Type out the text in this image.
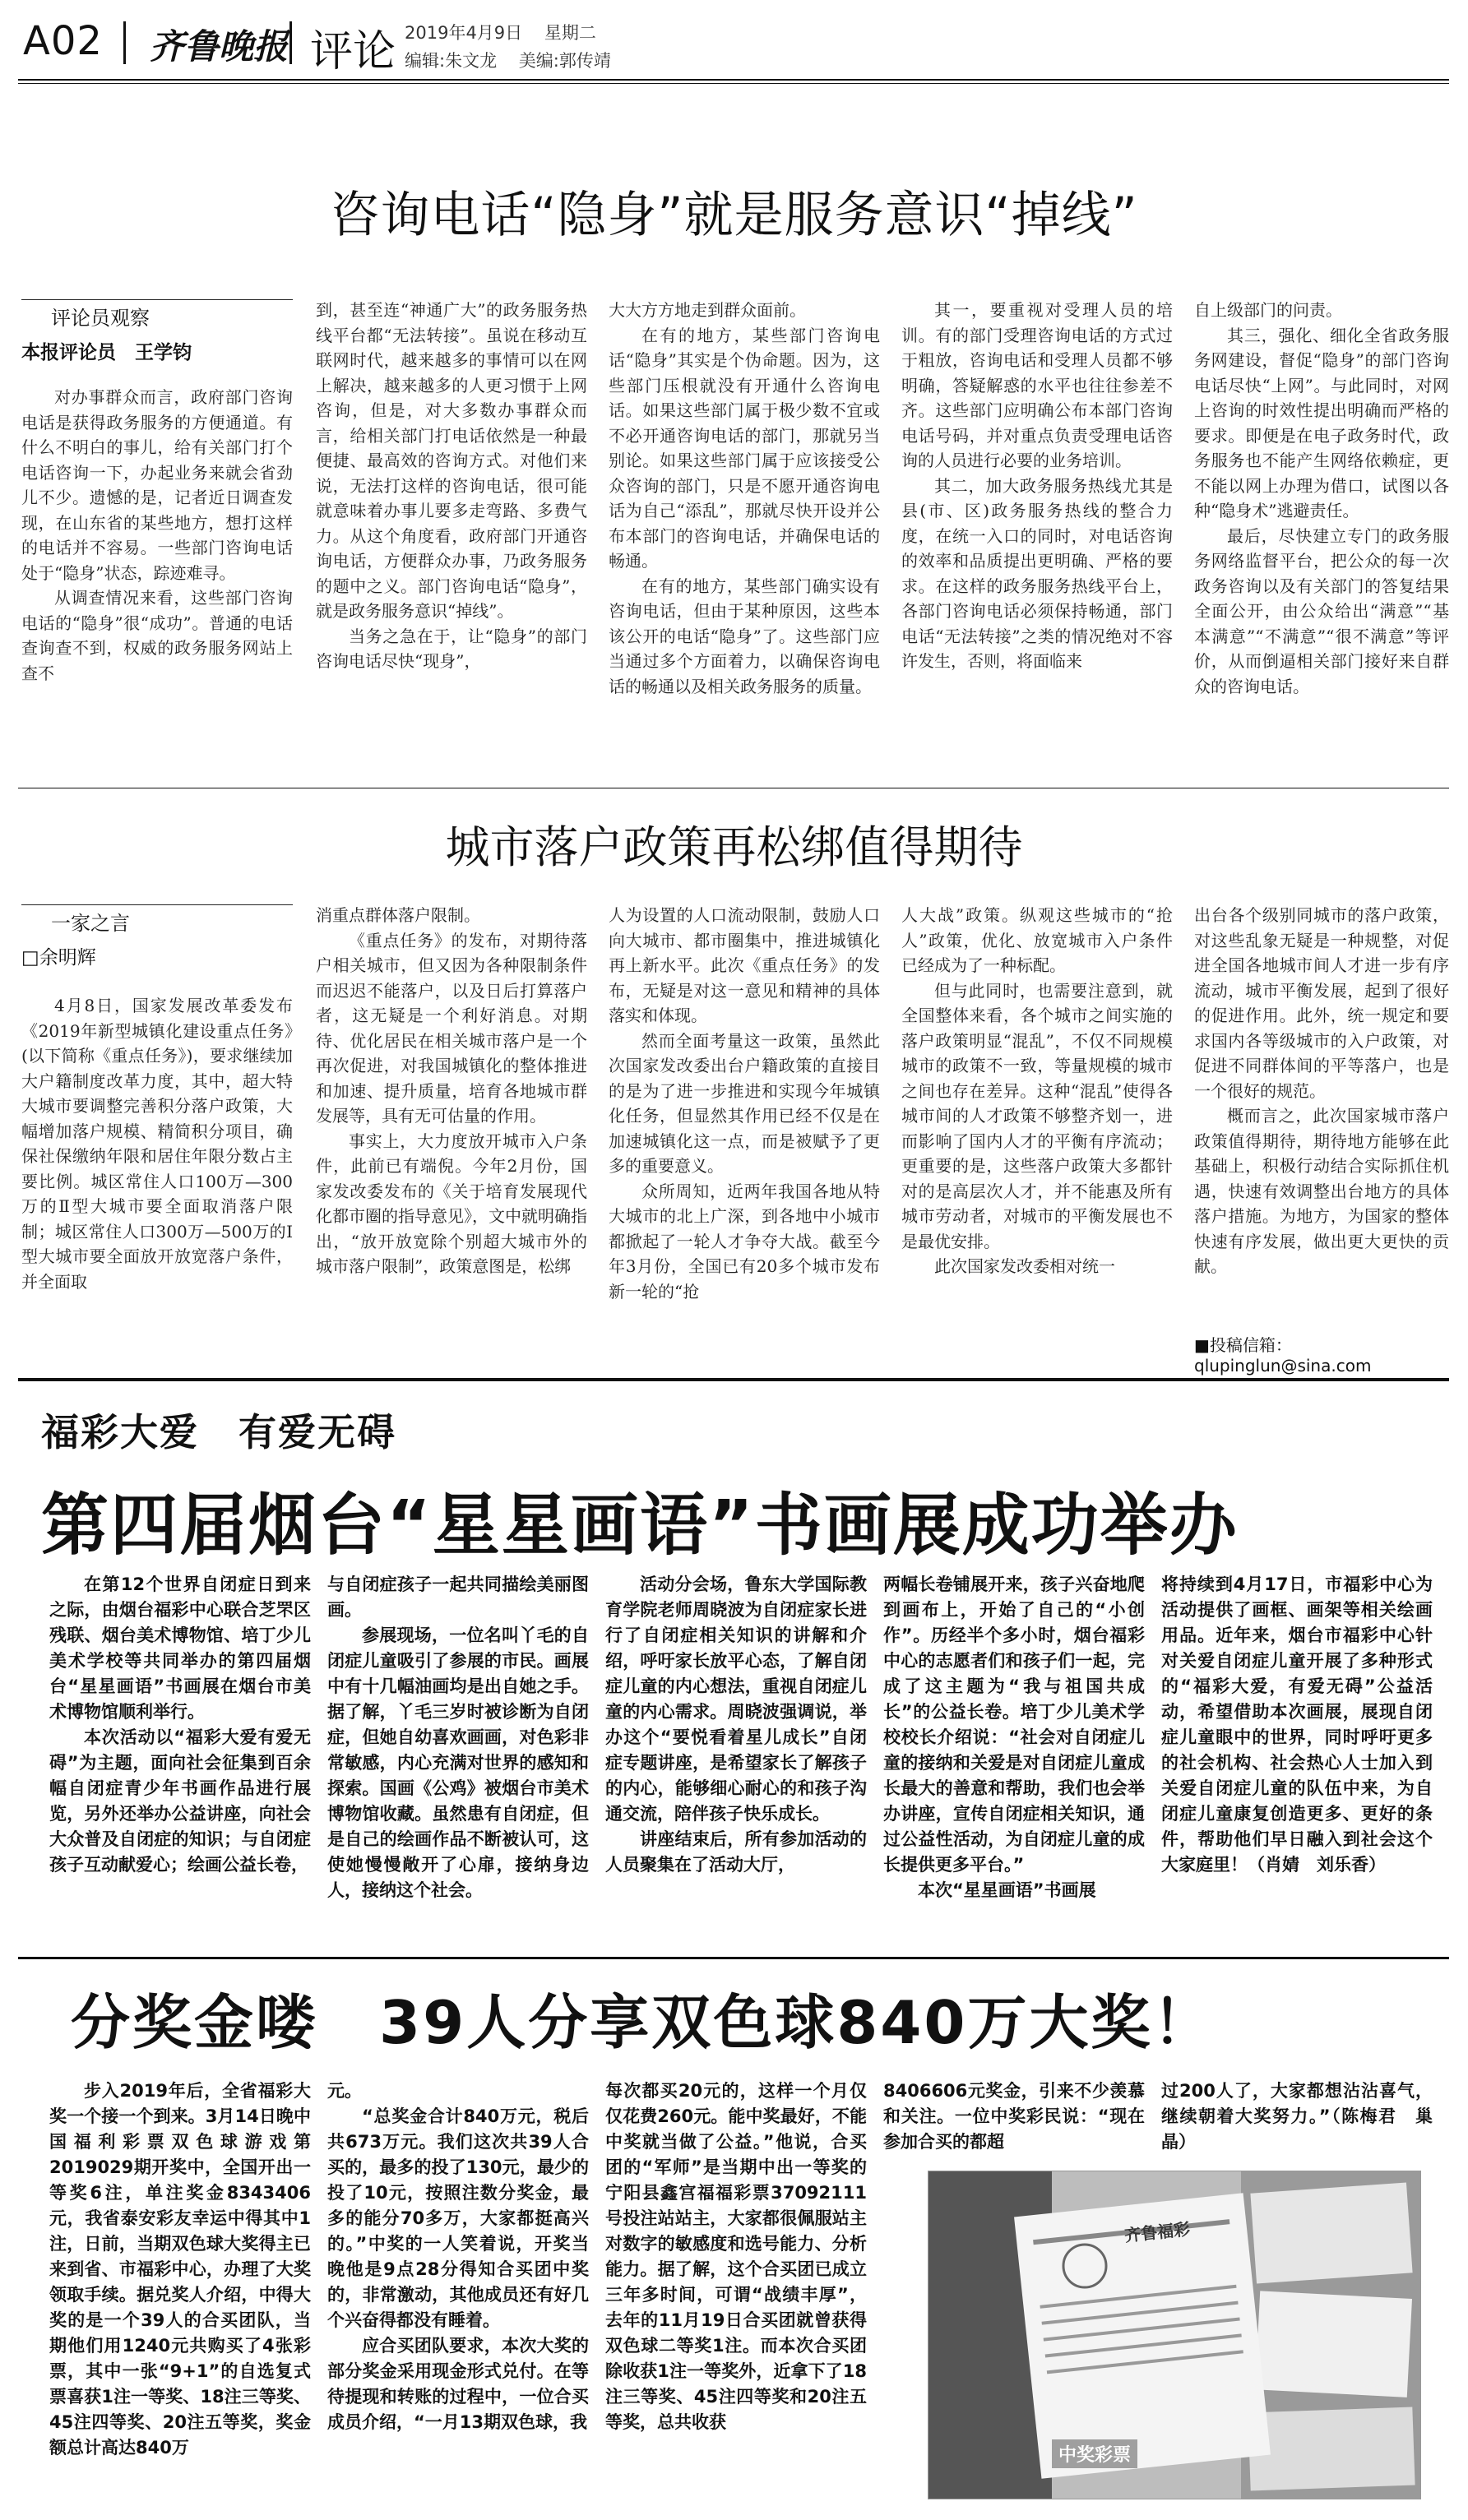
A02 齐鲁晚报 评论 2019年4月9日 星期二
编辑:朱文龙 美编:郭传靖
咨询电话“隐身”就是服务意识“掉线”
评论员观察
本报评论员　王学钧

对办事群众而言，政府部门咨询电话是获得政务服务的方便通道。有什么不明白的事儿，给有关部门打个电话咨询一下，办起业务来就会省劲儿不少。遗憾的是，记者近日调查发现，在山东省的某些地方，想打这样的电话并不容易。一些部门咨询电话处于“隐身”状态，踪迹难寻。

从调查情况来看，这些部门咨询电话的“隐身”很“成功”。普通的电话查询查不到，权威的政务服务网站上查不

到，甚至连“神通广大”的政务服务热线平台都“无法转接”。虽说在移动互联网时代，越来越多的事情可以在网上解决，越来越多的人更习惯于上网咨询，但是，对大多数办事群众而言，给相关部门打电话依然是一种最便捷、最高效的咨询方式。对他们来说，无法打这样的咨询电话，很可能就意味着办事儿要多走弯路、多费气力。从这个角度看，政府部门开通咨询电话，方便群众办事，乃政务服务的题中之义。部门咨询电话“隐身”，就是政务服务意识“掉线”。

当务之急在于，让“隐身”的部门咨询电话尽快“现身”，

大大方方地走到群众面前。

在有的地方，某些部门咨询电话“隐身”其实是个伪命题。因为，这些部门压根就没有开通什么咨询电话。如果这些部门属于极少数不宜或不必开通咨询电话的部门，那就另当别论。如果这些部门属于应该接受公众咨询的部门，只是不愿开通咨询电话为自己“添乱”，那就尽快开设并公布本部门的咨询电话，并确保电话的畅通。

在有的地方，某些部门确实设有咨询电话，但由于某种原因，这些本该公开的电话“隐身”了。这些部门应当通过多个方面着力，以确保咨询电话的畅通以及相关政务服务的质量。

其一，要重视对受理人员的培训。有的部门受理咨询电话的方式过于粗放，咨询电话和受理人员都不够明确，答疑解惑的水平也往往参差不齐。这些部门应明确公布本部门咨询电话号码，并对重点负责受理电话咨询的人员进行必要的业务培训。

其二，加大政务服务热线尤其是县(市、区)政务服务热线的整合力度，在统一入口的同时，对电话咨询的效率和品质提出更明确、严格的要求。在这样的政务服务热线平台上，各部门咨询电话必须保持畅通，部门电话“无法转接”之类的情况绝对不容许发生，否则，将面临来

自上级部门的问责。

其三，强化、细化全省政务服务网建设，督促“隐身”的部门咨询电话尽快“上网”。与此同时，对网上咨询的时效性提出明确而严格的要求。即便是在电子政务时代，政务服务也不能产生网络依赖症，更不能以网上办理为借口，试图以各种“隐身术”逃避责任。

最后，尽快建立专门的政务服务网络监督平台，把公众的每一次政务咨询以及有关部门的答复结果全面公开，由公众给出“满意”“基本满意”“不满意”“很不满意”等评价，从而倒逼相关部门接好来自群众的咨询电话。

城市落户政策再松绑值得期待
一家之言
□余明辉

4月8日，国家发展改革委发布《2019年新型城镇化建设重点任务》(以下简称《重点任务》)，要求继续加大户籍制度改革力度，其中，超大特大城市要调整完善积分落户政策，大幅增加落户规模、精简积分项目，确保社保缴纳年限和居住年限分数占主要比例。城区常住人口100万—300万的Ⅱ型大城市要全面取消落户限制；城区常住人口300万—500万的Ⅰ型大城市要全面放开放宽落户条件，并全面取

消重点群体落户限制。

《重点任务》的发布，对期待落户相关城市，但又因为各种限制条件而迟迟不能落户，以及日后打算落户者，这无疑是一个利好消息。对期待、优化居民在相关城市落户是一个再次促进，对我国城镇化的整体推进和加速、提升质量，培育各地城市群发展等，具有无可估量的作用。

事实上，大力度放开城市入户条件，此前已有端倪。今年2月份，国家发改委发布的《关于培育发展现代化都市圈的指导意见》，文中就明确指出，“放开放宽除个别超大城市外的城市落户限制”，政策意图是，松绑

人为设置的人口流动限制，鼓励人口向大城市、都市圈集中，推进城镇化再上新水平。此次《重点任务》的发布，无疑是对这一意见和精神的具体落实和体现。

然而全面考量这一政策，虽然此次国家发改委出台户籍政策的直接目的是为了进一步推进和实现今年城镇化任务，但显然其作用已经不仅是在加速城镇化这一点，而是被赋予了更多的重要意义。

众所周知，近两年我国各地从特大城市的北上广深，到各地中小城市都掀起了一轮人才争夺大战。截至今年3月份，全国已有20多个城市发布新一轮的“抢

人大战”政策。纵观这些城市的“抢人”政策，优化、放宽城市入户条件已经成为了一种标配。

但与此同时，也需要注意到，就全国整体来看，各个城市之间实施的落户政策明显“混乱”，不仅不同规模城市的政策不一致，等量规模的城市之间也存在差异。这种“混乱”使得各城市间的人才政策不够整齐划一，进而影响了国内人才的平衡有序流动；更重要的是，这些落户政策大多都针对的是高层次人才，并不能惠及所有城市劳动者，对城市的平衡发展也不是最优安排。

此次国家发改委相对统一

出台各个级别同城市的落户政策，对这些乱象无疑是一种规整，对促进全国各地城市间人才进一步有序流动，城市平衡发展，起到了很好的促进作用。此外，统一规定和要求国内各等级城市的入户政策，对促进不同群体间的平等落户，也是一个很好的规范。

概而言之，此次国家城市落户政策值得期待，期待地方能够在此基础上，积极行动结合实际抓住机遇，快速有效调整出台地方的具体落户措施。为地方，为国家的整体快速有序发展，做出更大更快的贡献。

■投稿信箱：qlupinglun@sina.com
福彩大爱　有爱无碍
第四届烟台“星星画语”书画展成功举办

在第12个世界自闭症日到来之际，由烟台福彩中心联合芝罘区残联、烟台美术博物馆、培丁少儿美术学校等共同举办的第四届烟台“星星画语”书画展在烟台市美术博物馆顺利举行。

本次活动以“福彩大爱有爱无碍”为主题，面向社会征集到百余幅自闭症青少年书画作品进行展览，另外还举办公益讲座，向社会大众普及自闭症的知识；与自闭症孩子互动献爱心；绘画公益长卷，

与自闭症孩子一起共同描绘美丽图画。

参展现场，一位名叫丫毛的自闭症儿童吸引了参展的市民。画展中有十几幅油画均是出自她之手。据了解，丫毛三岁时被诊断为自闭症，但她自幼喜欢画画，对色彩非常敏感，内心充满对世界的感知和探索。国画《公鸡》被烟台市美术博物馆收藏。虽然患有自闭症，但是自己的绘画作品不断被认可，这使她慢慢敞开了心扉，接纳身边人，接纳这个社会。

活动分会场，鲁东大学国际教育学院老师周晓波为自闭症家长进行了自闭症相关知识的讲解和介绍，呼吁家长放平心态，了解自闭症儿童的内心想法，重视自闭症儿童的内心需求。周晓波强调说，举办这个“要悦看着星儿成长”自闭症专题讲座，是希望家长了解孩子的内心，能够细心耐心的和孩子沟通交流，陪伴孩子快乐成长。

讲座结束后，所有参加活动的人员聚集在了活动大厅，

两幅长卷铺展开来，孩子兴奋地爬到画布上，开始了自己的“小创作”。历经半个多小时，烟台福彩中心的志愿者们和孩子们一起，完成了这主题为“我与祖国共成长”的公益长卷。培丁少儿美术学校校长介绍说：“社会对自闭症儿童的接纳和关爱是对自闭症儿童成长最大的善意和帮助，我们也会举办讲座，宣传自闭症相关知识，通过公益性活动，为自闭症儿童的成长提供更多平台。”

本次“星星画语”书画展

将持续到4月17日，市福彩中心为活动提供了画框、画架等相关绘画用品。近年来，烟台市福彩中心针对关爱自闭症儿童开展了多种形式的“福彩大爱，有爱无碍”公益活动，希望借助本次画展，展现自闭症儿童眼中的世界，同时呼吁更多的社会机构、社会热心人士加入到关爱自闭症儿童的队伍中来，为自闭症儿童康复创造更多、更好的条件，帮助他们早日融入到社会这个大家庭里！（肖婧　刘乐香）

分奖金喽　39人分享双色球840万大奖！

步入2019年后，全省福彩大奖一个接一个到来。3月14日晚中国福利彩票双色球游戏第2019029期开奖中，全国开出一等奖6注，单注奖金8343406元，我省泰安彩友幸运中得其中1注，日前，当期双色球大奖得主已来到省、市福彩中心，办理了大奖领取手续。据兑奖人介绍，中得大奖的是一个39人的合买团队，当期他们用1240元共购买了4张彩票，其中一张“9+1”的自选复式票喜获1注一等奖、18注三等奖、45注四等奖、20注五等奖，奖金额总计高达840万

元。

“总奖金合计840万元，税后共673万元。我们这次共39人合买的，最多的投了130元，最少的投了10元，按照注数分奖金，最多的能分70多万，大家都挺高兴的。”中奖的一人笑着说，开奖当晚他是9点28分得知合买团中奖的，非常激动，其他成员还有好几个兴奋得都没有睡着。

应合买团队要求，本次大奖的部分奖金采用现金形式兑付。在等待提现和转账的过程中，一位合买成员介绍，“一月13期双色球，我

每次都买20元的，这样一个月仅仅花费260元。能中奖最好，不能中奖就当做了公益。”他说，合买团的“军师”是当期中出一等奖的宁阳县鑫宫福福彩票37092111号投注站站主，大家都很佩服站主对数字的敏感度和选号能力、分析能力。据了解，这个合买团已成立三年多时间，可谓“战绩丰厚”，去年的11月19日合买团就曾获得双色球二等奖1注。而本次合买团除收获1注一等奖外，近拿下了18注三等奖、45注四等奖和20注五等奖，总共收获

8406606元奖金，引来不少羡慕和关注。一位中奖彩民说：“现在参加合买的都超

过200人了，大家都想沾沾喜气，继续朝着大奖努力。”（陈梅君　巢晶）

齐鲁福彩
中奖彩票
